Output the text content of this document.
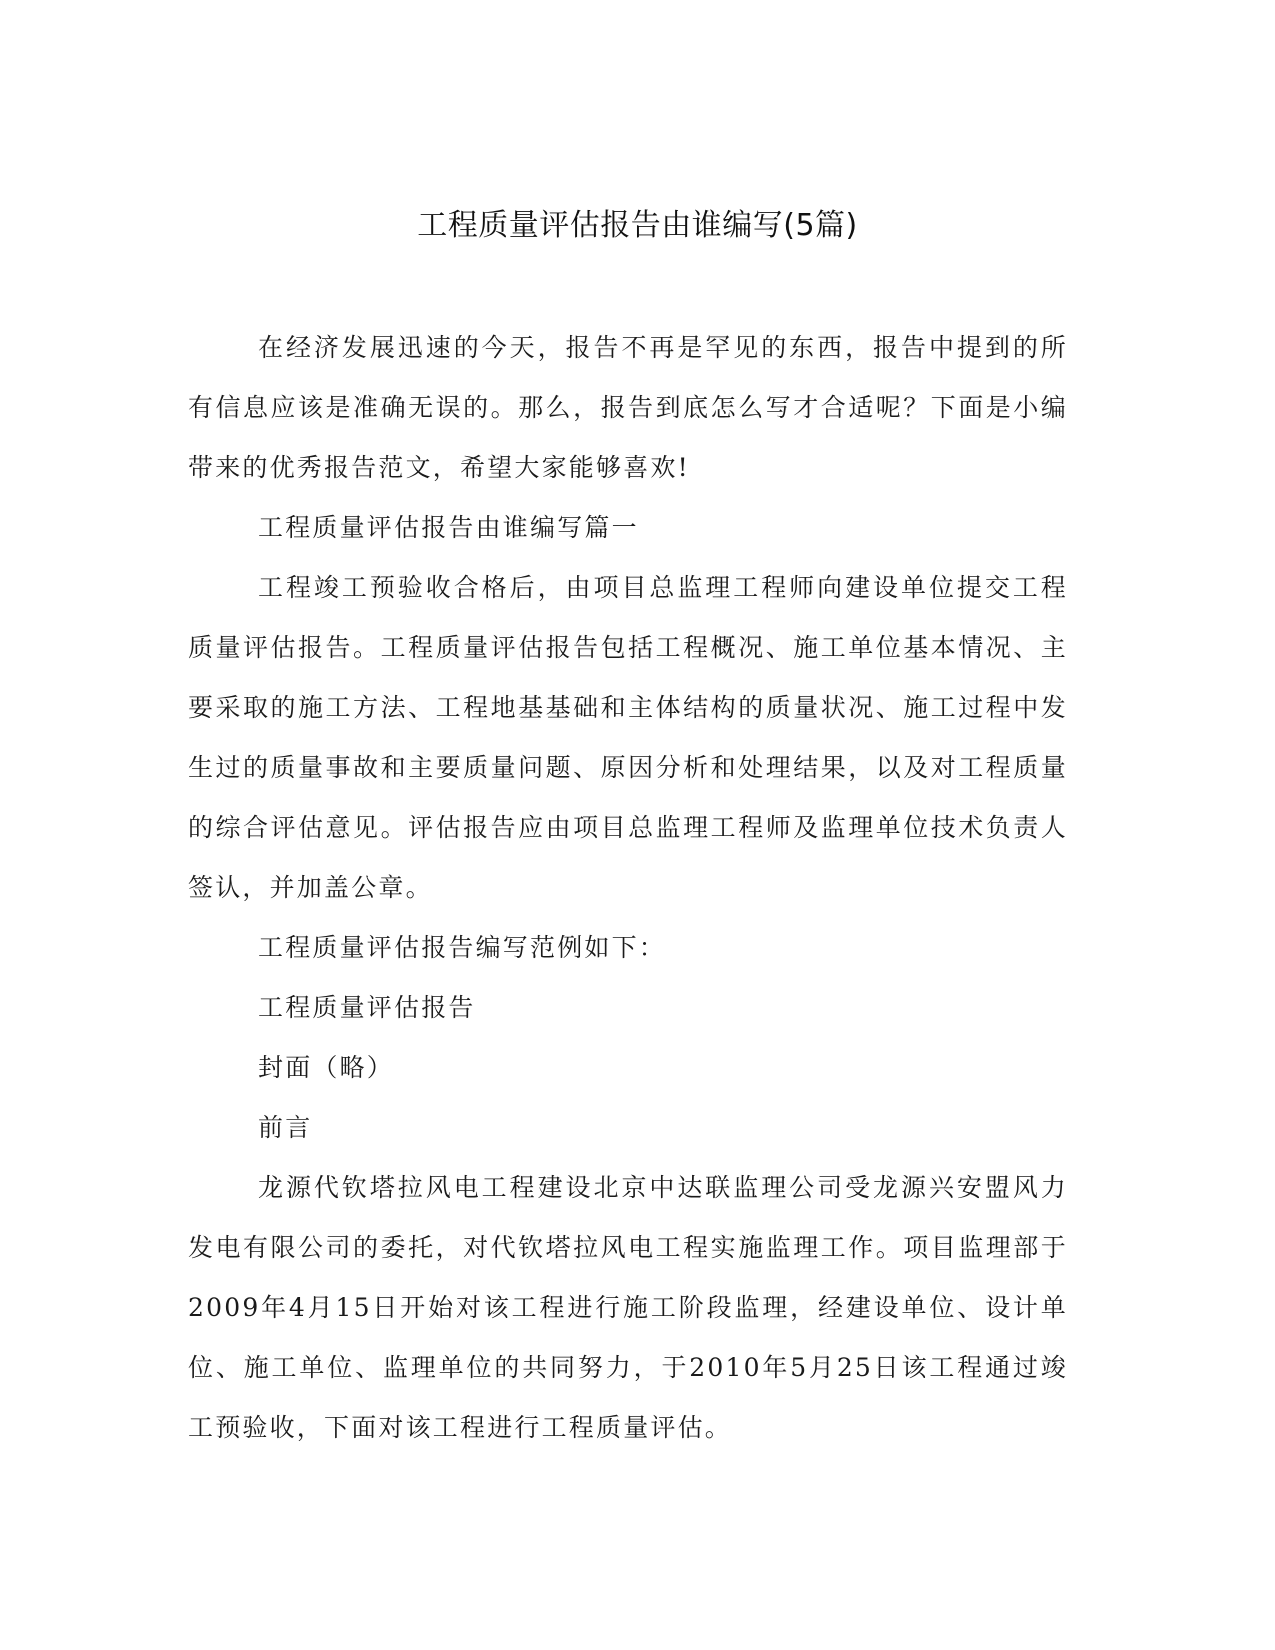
工程质量评估报告由谁编写(5篇)

在经济发展迅速的今天，报告不再是罕见的东西，报告中提到的所有信息应该是准确无误的。那么，报告到底怎么写才合适呢？下面是小编带来的优秀报告范文，希望大家能够喜欢!

工程质量评估报告由谁编写篇一

工程竣工预验收合格后，由项目总监理工程师向建设单位提交工程质量评估报告。工程质量评估报告包括工程概况、施工单位基本情况、主要采取的施工方法、工程地基基础和主体结构的质量状况、施工过程中发生过的质量事故和主要质量问题、原因分析和处理结果，以及对工程质量的综合评估意见。评估报告应由项目总监理工程师及监理单位技术负责人签认，并加盖公章。

工程质量评估报告编写范例如下：

工程质量评估报告

封面（略）

前言

龙源代钦塔拉风电工程建设北京中达联监理公司受龙源兴安盟风力发电有限公司的委托，对代钦塔拉风电工程实施监理工作。项目监理部于2009年4月15日开始对该工程进行施工阶段监理，经建设单位、设计单位、施工单位、监理单位的共同努力，于2010年5月25日该工程通过竣工预验收，下面对该工程进行工程质量评估。
